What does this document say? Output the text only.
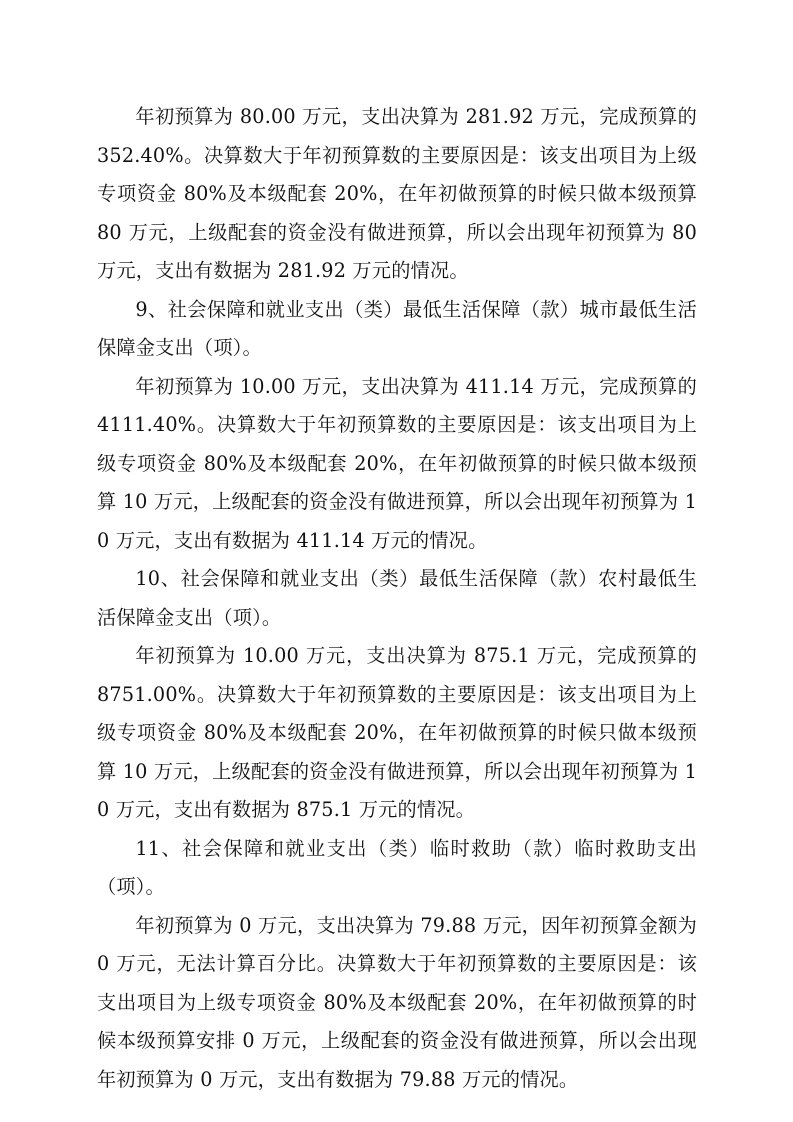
年初预算为 80.00 万元，支出决算为 281.92 万元，完成预算的 352.40%。决算数大于年初预算数的主要原因是：该支出项目为上级专项资金 80%及本级配套 20%，在年初做预算的时候只做本级预算 80 万元，上级配套的资金没有做进预算，所以会出现年初预算为 80 万元，支出有数据为 281.92 万元的情况。

9、社会保障和就业支出（类）最低生活保障（款）城市最低生活保障金支出（项）。

年初预算为 10.00 万元，支出决算为 411.14 万元，完成预算的 4111.40%。决算数大于年初预算数的主要原因是：该支出项目为上级专项资金 80%及本级配套 20%，在年初做预算的时候只做本级预算 10 万元，上级配套的资金没有做进预算，所以会出现年初预算为 10 万元，支出有数据为 411.14 万元的情况。

10、社会保障和就业支出（类）最低生活保障（款）农村最低生活保障金支出（项）。

年初预算为 10.00 万元，支出决算为 875.1 万元，完成预算的 8751.00%。决算数大于年初预算数的主要原因是：该支出项目为上级专项资金 80%及本级配套 20%，在年初做预算的时候只做本级预算 10 万元，上级配套的资金没有做进预算，所以会出现年初预算为 10 万元，支出有数据为 875.1 万元的情况。

11、社会保障和就业支出（类）临时救助（款）临时救助支出（项）。

年初预算为 0 万元，支出决算为 79.88 万元，因年初预算金额为 0 万元，无法计算百分比。决算数大于年初预算数的主要原因是：该支出项目为上级专项资金 80%及本级配套 20%，在年初做预算的时候本级预算安排 0 万元，上级配套的资金没有做进预算，所以会出现年初预算为 0 万元，支出有数据为 79.88 万元的情况。
